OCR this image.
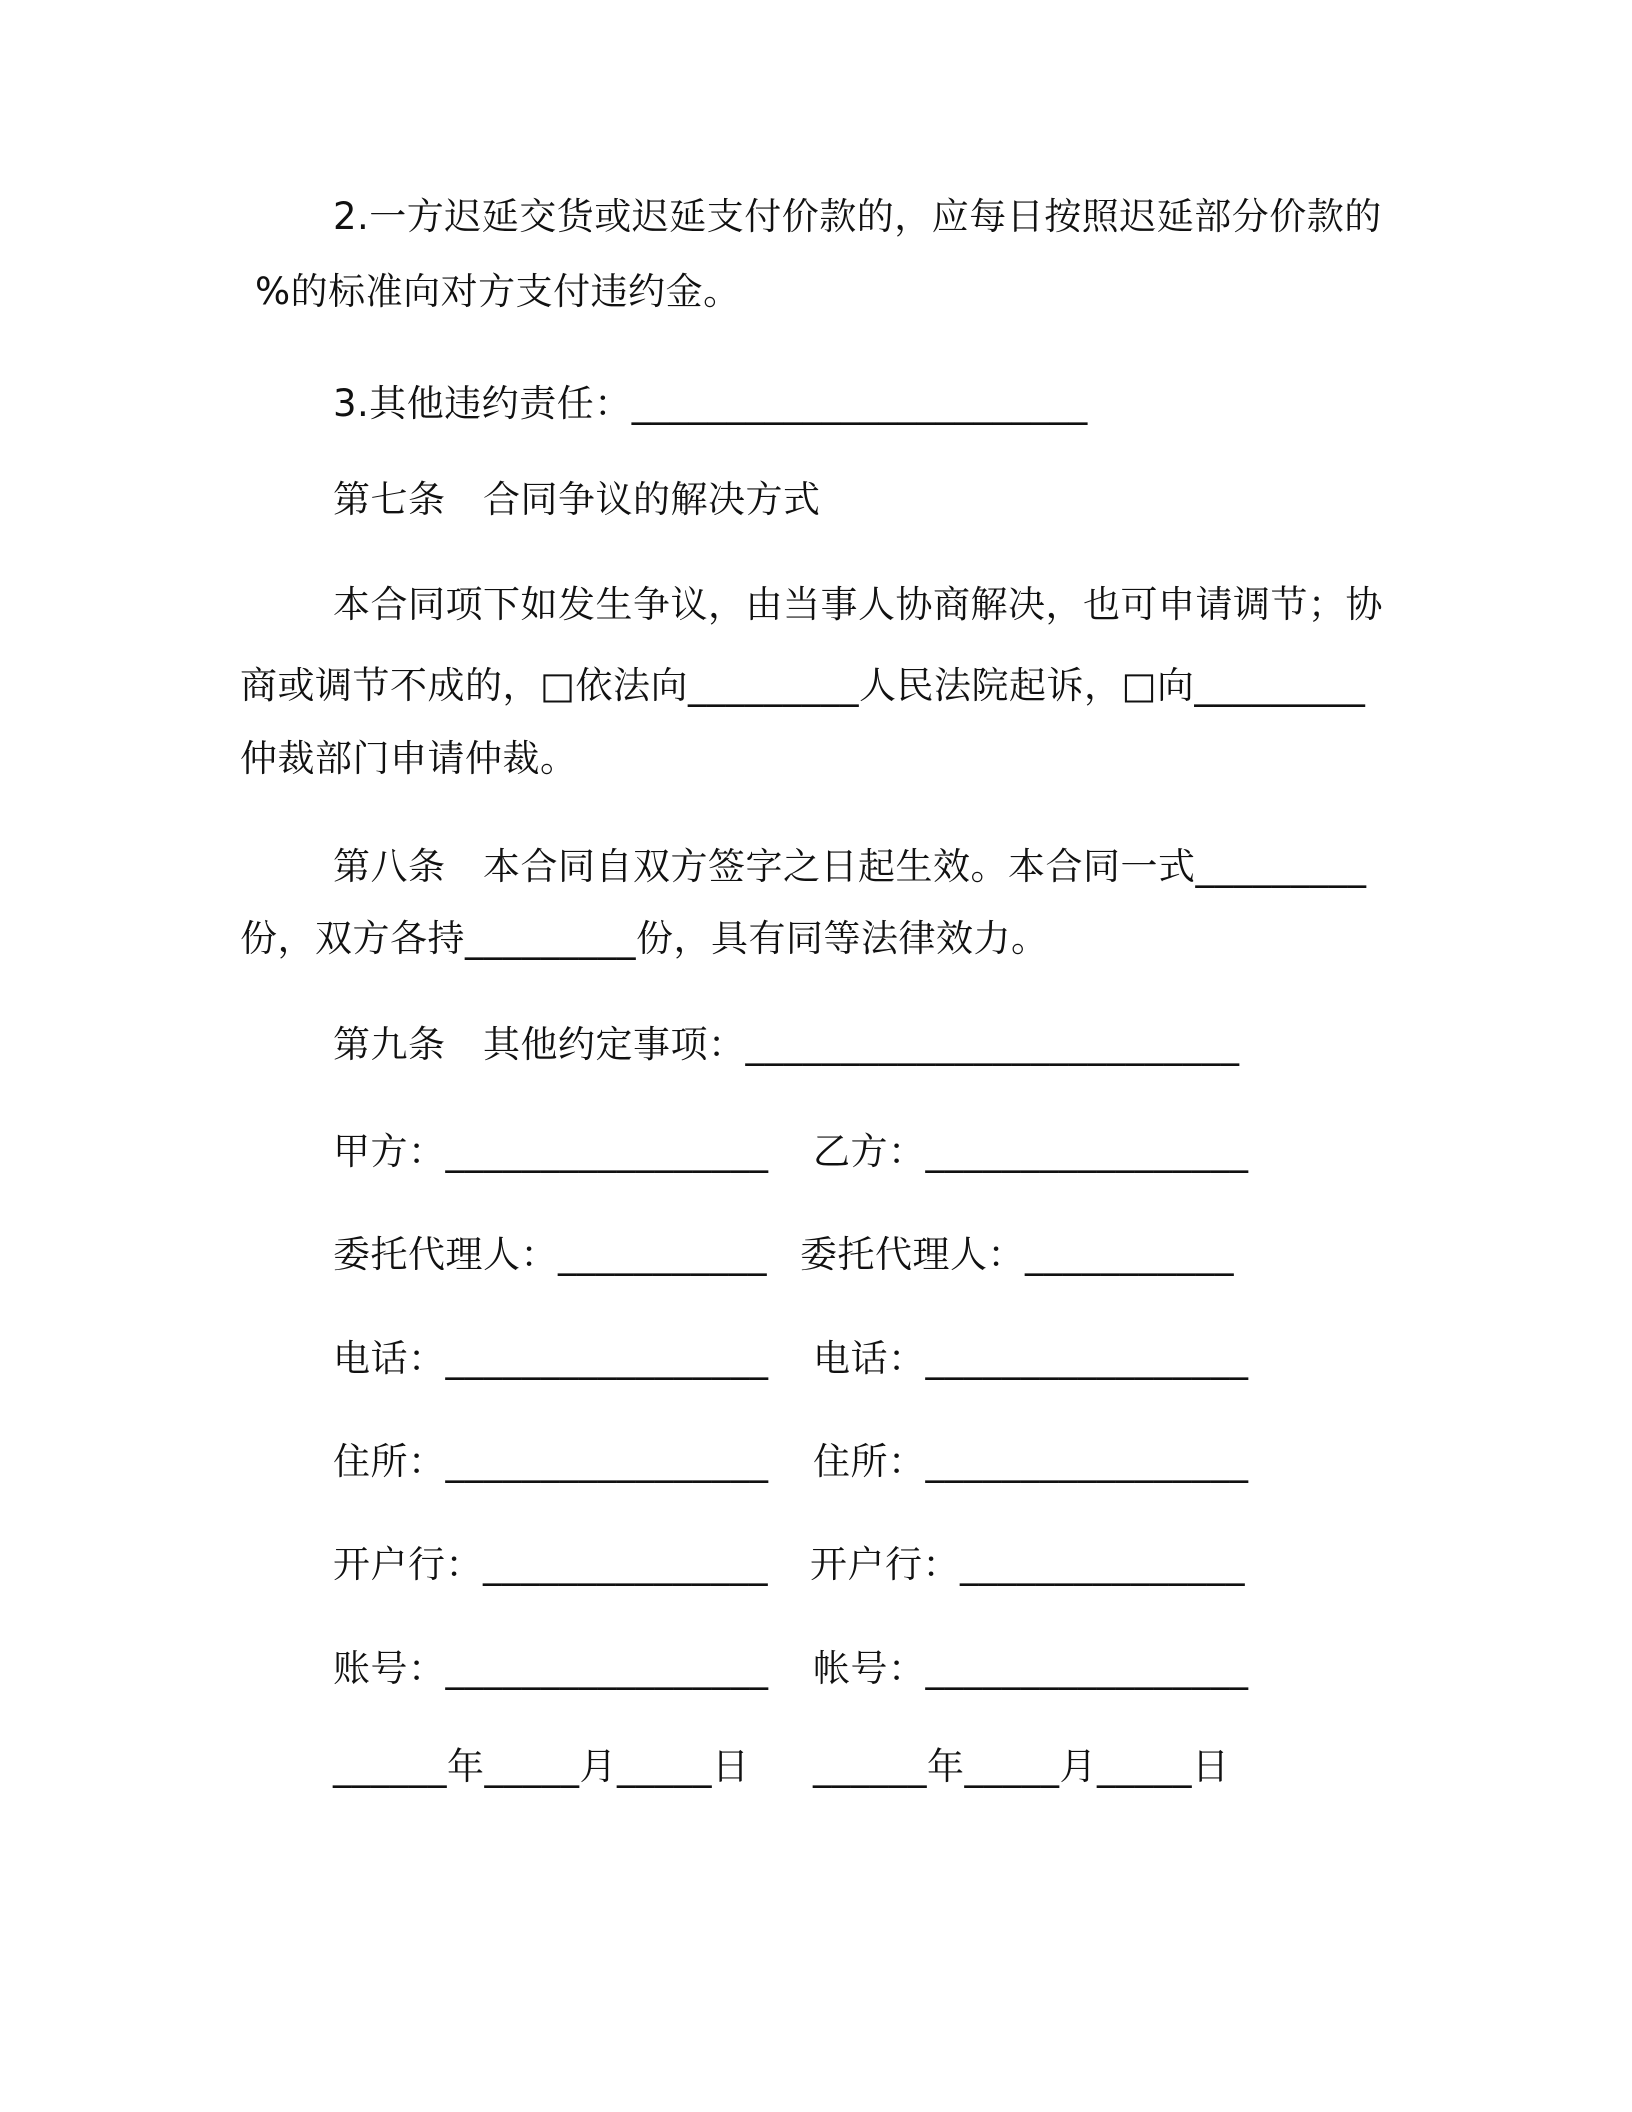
2.一方迟延交货或迟延支付价款的，应每日按照迟延部分价款的
%的标准向对方支付违约金。
3.其他违约责任：________________________
第七条　合同争议的解决方式
本合同项下如发生争议，由当事人协商解决，也可申请调节；协
商或调节不成的，□依法向_________人民法院起诉，□向_________
仲裁部门申请仲裁。
第八条　本合同自双方签字之日起生效。本合同一式_________
份，双方各持_________份，具有同等法律效力。
第九条　其他约定事项：__________________________
甲方：_________________ 乙方：_________________
委托代理人：___________ 委托代理人：___________
电话：_________________ 电话：_________________
住所：_________________ 住所：_________________
开户行：_______________ 开户行：_______________
账号：_________________ 帐号：_________________
______年_____月_____日 ______年_____月_____日
